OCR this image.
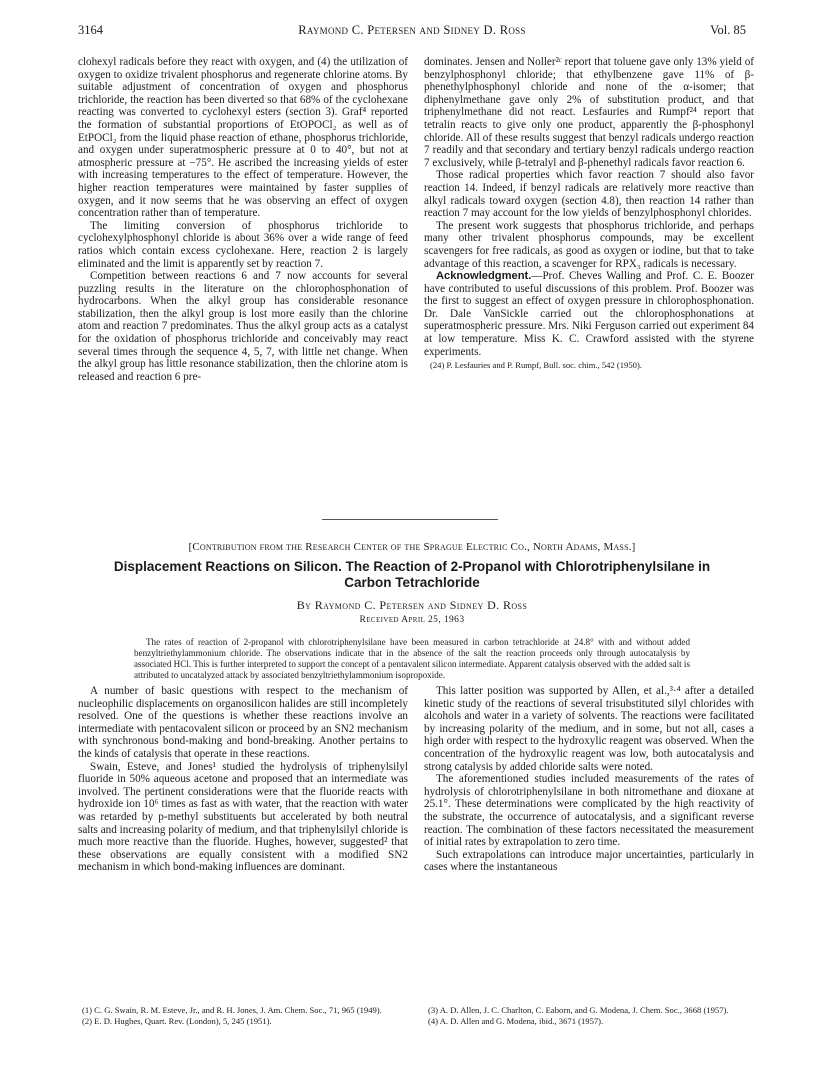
3164	Raymond C. Petersen and Sidney D. Ross	Vol. 85

clohexyl radicals before they react with oxygen, and (4) the utilization of oxygen to oxidize trivalent phosphorus and regenerate chlorine atoms. By suitable adjustment of concentration of oxygen and phosphorus trichloride, the reaction has been diverted so that 68% of the cyclohexane reacting was converted to cyclohexyl esters (section 3). Graf⁴ reported the formation of substantial proportions of EtOPOCl₂ as well as of EtPOCl₂ from the liquid phase reaction of ethane, phosphorus trichloride, and oxygen under superatmospheric pressure at 0 to 40°, but not at atmospheric pressure at −75°. He ascribed the increasing yields of ester with increasing temperatures to the effect of temperature. However, the higher reaction temperatures were maintained by faster supplies of oxygen, and it now seems that he was observing an effect of oxygen concentration rather than of temperature.

The limiting conversion of phosphorus trichloride to cyclohexylphosphonyl chloride is about 36% over a wide range of feed ratios which contain excess cyclohexane. Here, reaction 2 is largely eliminated and the limit is apparently set by reaction 7.

Competition between reactions 6 and 7 now accounts for several puzzling results in the literature on the chlorophosphonation of hydrocarbons. When the alkyl group has considerable resonance stabilization, then the alkyl group is lost more easily than the chlorine atom and reaction 7 predominates. Thus the alkyl group acts as a catalyst for the oxidation of phosphorus trichloride and conceivably may react several times through the sequence 4, 5, 7, with little net change. When the alkyl group has little resonance stabilization, then the chlorine atom is released and reaction 6 pre-

dominates. Jensen and Noller²ᶜ report that toluene gave only 13% yield of benzylphosphonyl chloride; that ethylbenzene gave 11% of β-phenethylphosphonyl chloride and none of the α-isomer; that diphenylmethane gave only 2% of substitution product, and that triphenylmethane did not react. Lesfauries and Rumpf²⁴ report that tetralin reacts to give only one product, apparently the β-phosphonyl chloride. All of these results suggest that benzyl radicals undergo reaction 7 readily and that secondary and tertiary benzyl radicals undergo reaction 7 exclusively, while β-tetralyl and β-phenethyl radicals favor reaction 6.

Those radical properties which favor reaction 7 should also favor reaction 14. Indeed, if benzyl radicals are relatively more reactive than alkyl radicals toward oxygen (section 4.8), then reaction 14 rather than reaction 7 may account for the low yields of benzylphosphonyl chlorides.

The present work suggests that phosphorus trichloride, and perhaps many other trivalent phosphorus compounds, may be excellent scavengers for free radicals, as good as oxygen or iodine, but that to take advantage of this reaction, a scavenger for RPX₃ radicals is necessary.

Acknowledgment.—Prof. Cheves Walling and Prof. C. E. Boozer have contributed to useful discussions of this problem. Prof. Boozer was the first to suggest an effect of oxygen pressure in chlorophosphonation. Dr. Dale VanSickle carried out the chlorophosphonations at superatmospheric pressure. Mrs. Niki Ferguson carried out experiment 84 at low temperature. Miss K. C. Crawford assisted with the styrene experiments.

(24) P. Lesfauries and P. Rumpf, Bull. soc. chim., 542 (1950).

[Contribution from the Research Center of the Sprague Electric Co., North Adams, Mass.]
Displacement Reactions on Silicon. The Reaction of 2-Propanol with Chlorotriphenylsilane in
Carbon Tetrachloride
By Raymond C. Petersen and Sidney D. Ross
Received April 25, 1963
The rates of reaction of 2-propanol with chlorotriphenylsilane have been measured in carbon tetrachloride at 24.8° with and without added benzyltriethylammonium chloride. The observations indicate that in the absence of the salt the reaction proceeds only through autocatalysis by associated HCl. This is further interpreted to support the concept of a pentavalent silicon intermediate. Apparent catalysis observed with the added salt is attributed to uncatalyzed attack by associated benzyltriethylammonium isopropoxide.

A number of basic questions with respect to the mechanism of nucleophilic displacements on organosilicon halides are still incompletely resolved. One of the questions is whether these reactions involve an intermediate with pentacovalent silicon or proceed by an SN2 mechanism with synchronous bond-making and bond-breaking. Another pertains to the kinds of catalysis that operate in these reactions.

Swain, Esteve, and Jones¹ studied the hydrolysis of triphenylsilyl fluoride in 50% aqueous acetone and proposed that an intermediate was involved. The pertinent considerations were that the fluoride reacts with hydroxide ion 10⁶ times as fast as with water, that the reaction with water was retarded by p-methyl substituents but accelerated by both neutral salts and increasing polarity of medium, and that triphenylsilyl chloride is much more reactive than the fluoride. Hughes, however, suggested² that these observations are equally consistent with a modified SN2 mechanism in which bond-making influences are dominant.

This latter position was supported by Allen, et al.,³·⁴ after a detailed kinetic study of the reactions of several trisubstituted silyl chlorides with alcohols and water in a variety of solvents. The reactions were facilitated by increasing polarity of the medium, and in some, but not all, cases a high order with respect to the hydroxylic reagent was observed. When the concentration of the hydroxylic reagent was low, both autocatalysis and strong catalysis by added chloride salts were noted.

The aforementioned studies included measurements of the rates of hydrolysis of chlorotriphenylsilane in both nitromethane and dioxane at 25.1°. These determinations were complicated by the high reactivity of the substrate, the occurrence of autocatalysis, and a significant reverse reaction. The combination of these factors necessitated the measurement of initial rates by extrapolation to zero time.

Such extrapolations can introduce major uncertainties, particularly in cases where the instantaneous

(1) C. G. Swain, R. M. Esteve, Jr., and R. H. Jones, J. Am. Chem. Soc., 71, 965 (1949).

(2) E. D. Hughes, Quart. Rev. (London), 5, 245 (1951).

(3) A. D. Allen, J. C. Charlton, C. Eaborn, and G. Modena, J. Chem. Soc., 3668 (1957).

(4) A. D. Allen and G. Modena, ibid., 3671 (1957).
